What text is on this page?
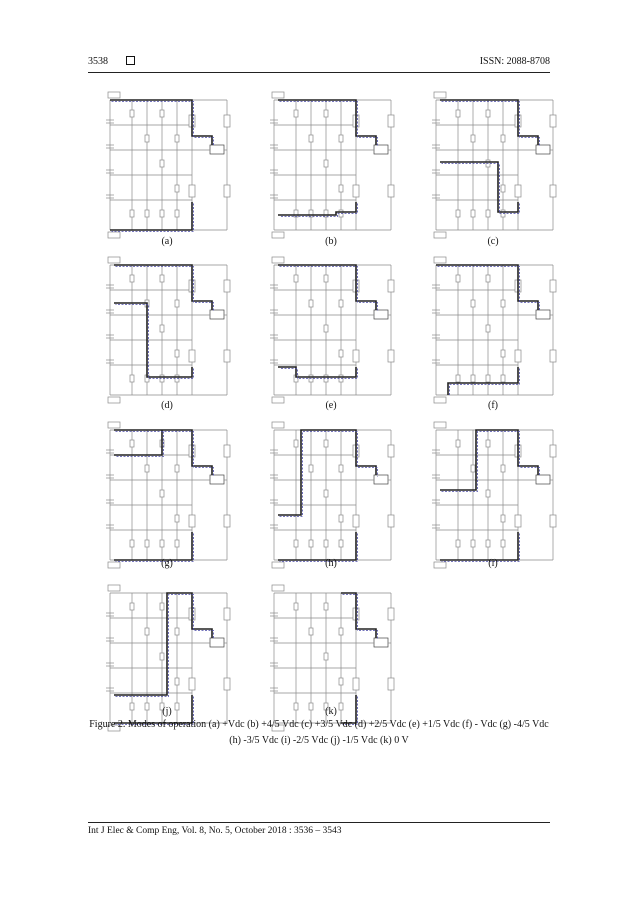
3538	ISSN: 2088-8708
(a)	(b)	(c)
(d)	(e)	(f)
(g)	(h)	(i)
(j)	(k)
Figure 2. Modes of operation (a) +Vdc (b) +4/5 Vdc (c) +3/5 Vdc (d) +2/5 Vdc (e) +1/5 Vdc (f) - Vdc (g) -4/5 Vdc
(h) -3/5 Vdc (i) -2/5 Vdc (j) -1/5 Vdc (k) 0 V
Int J Elec & Comp Eng, Vol. 8, No. 5, October 2018 : 3536 – 3543
